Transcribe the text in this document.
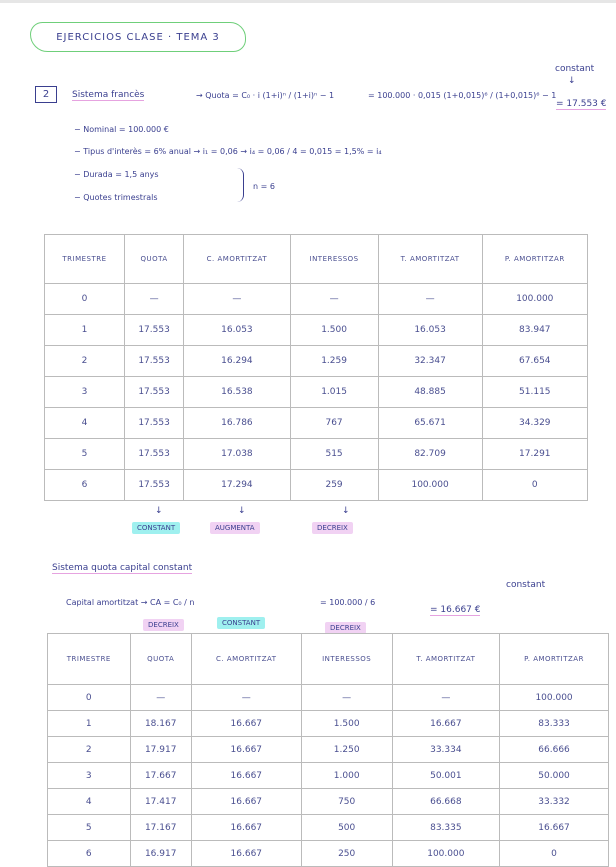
EJERCICIOS CLASE · TEMA 3
2	Sistema francès	→ Quota = C₀ · i (1+i)ⁿ / (1+i)ⁿ − 1	= 100.000 · 0,015 (1+0,015)⁶ / (1+0,015)⁶ − 1
constant
↓
= 17.553 €
− Nominal = 100.000 €
− Tipus d'interès = 6% anual → i₁ = 0,06 → i₄ = 0,06 / 4 = 0,015 = 1,5% = i₄
− Durada = 1,5 anys
− Quotes trimestrals
n = 6
TRIMESTRE	QUOTA	C. AMORTITZAT	INTERESSOS	T. AMORTITZAT	P. AMORTITZAR
0	—	—	—	—	100.000
1	17.553	16.053	1.500	16.053	83.947
2	17.553	16.294	1.259	32.347	67.654
3	17.553	16.538	1.015	48.885	51.115
4	17.553	16.786	767	65.671	34.329
5	17.553	17.038	515	82.709	17.291
6	17.553	17.294	259	100.000	0
↓	↓	↓
CONSTANT	AUGMENTA	DECREIX
Sistema quota capital constant
constant
Capital amortitzat → CA = C₀ / n	= 100.000 / 6
= 16.667 €
DECREIX	CONSTANT
DECREIX
TRIMESTRE	QUOTA	C. AMORTITZAT	INTERESSOS	T. AMORTITZAT	P. AMORTITZAR
0	—	—	—	—	100.000
1	18.167	16.667	1.500	16.667	83.333
2	17.917	16.667	1.250	33.334	66.666
3	17.667	16.667	1.000	50.001	50.000
4	17.417	16.667	750	66.668	33.332
5	17.167	16.667	500	83.335	16.667
6	16.917	16.667	250	100.000	0
